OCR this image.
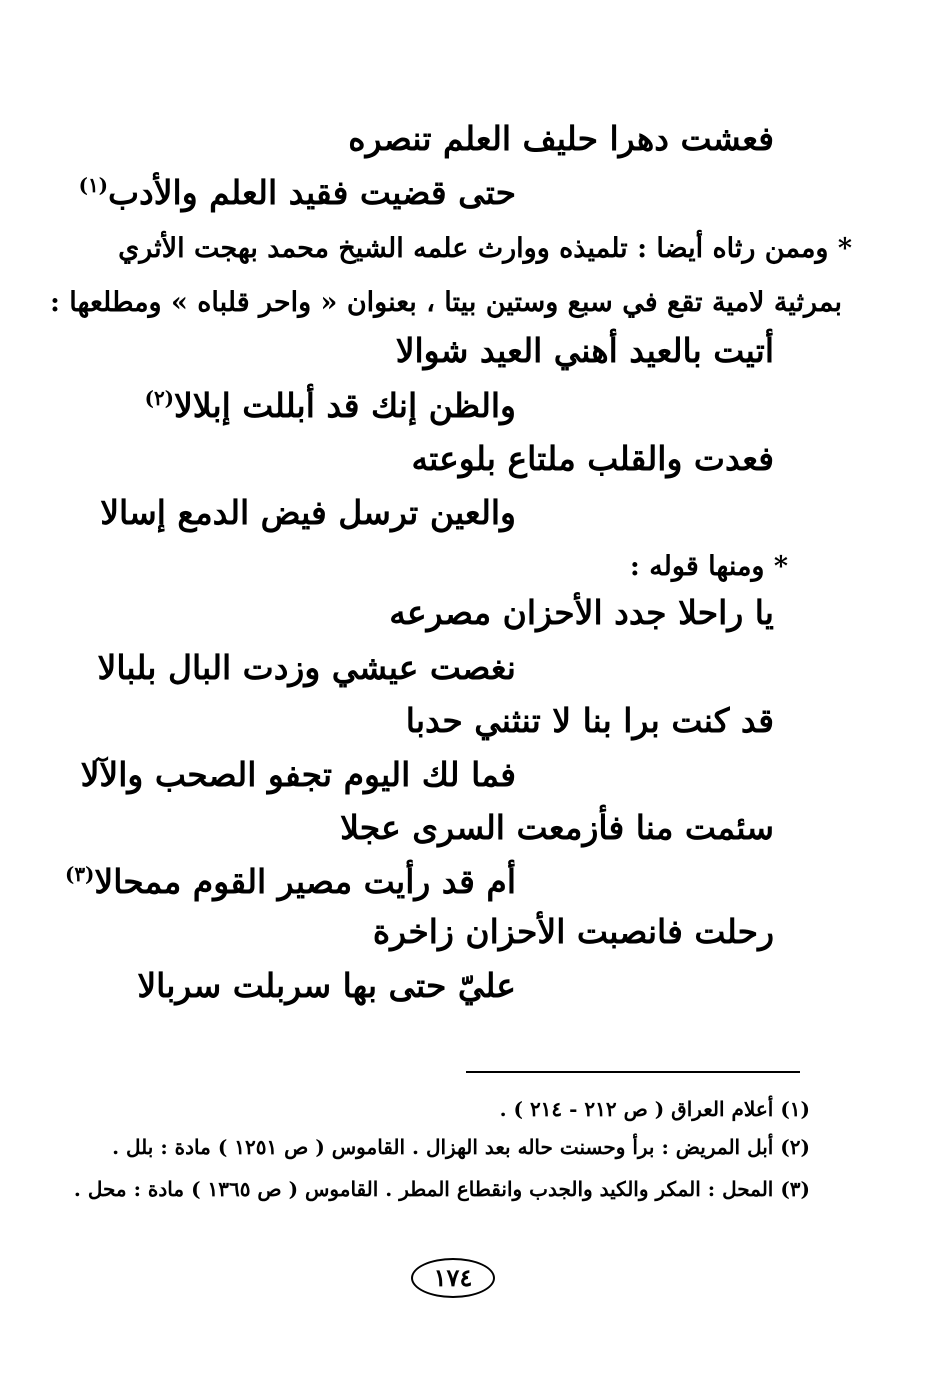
فعشت دهرا حليف العلم تنصره
حتى قضيت فقيد العلم والأدب$^{(١)}$
* وممن رثاه أيضا : تلميذه ووارث علمه الشيخ محمد بهجت الأثري
بمرثية لامية تقع في سبع وستين بيتا ، بعنوان « واحر قلباه » ومطلعها :
أتيت بالعيد أهني العيد شوالا
والظن إنك قد أبللت إبلالا$^{(٢)}$
فعدت والقلب ملتاع بلوعته
والعين ترسل فيض الدمع إسالا
* ومنها قوله :
يا راحلا جدد الأحزان مصرعه
نغصت عيشي وزدت البال بلبالا
قد كنت برا بنا لا تنثني حدبا
فما لك اليوم تجفو الصحب والآلا
سئمت منا فأزمعت السرى عجلا
أم قد رأيت مصير القوم ممحالا$^{(٣)}$
رحلت فانصبت الأحزان زاخرة
عليّ حتى بها سربلت سربالا
(١) أعلام العراق ( ص ٢١٢ - ٢١٤ ) .
(٢) أبل المريض : برأ وحسنت حاله بعد الهزال . القاموس ( ص ١٢٥١ ) مادة : بلل .
(٣) المحل : المكر والكيد والجدب وانقطاع المطر . القاموس ( ص ١٣٦٥ ) مادة : محل .
١٧٤
